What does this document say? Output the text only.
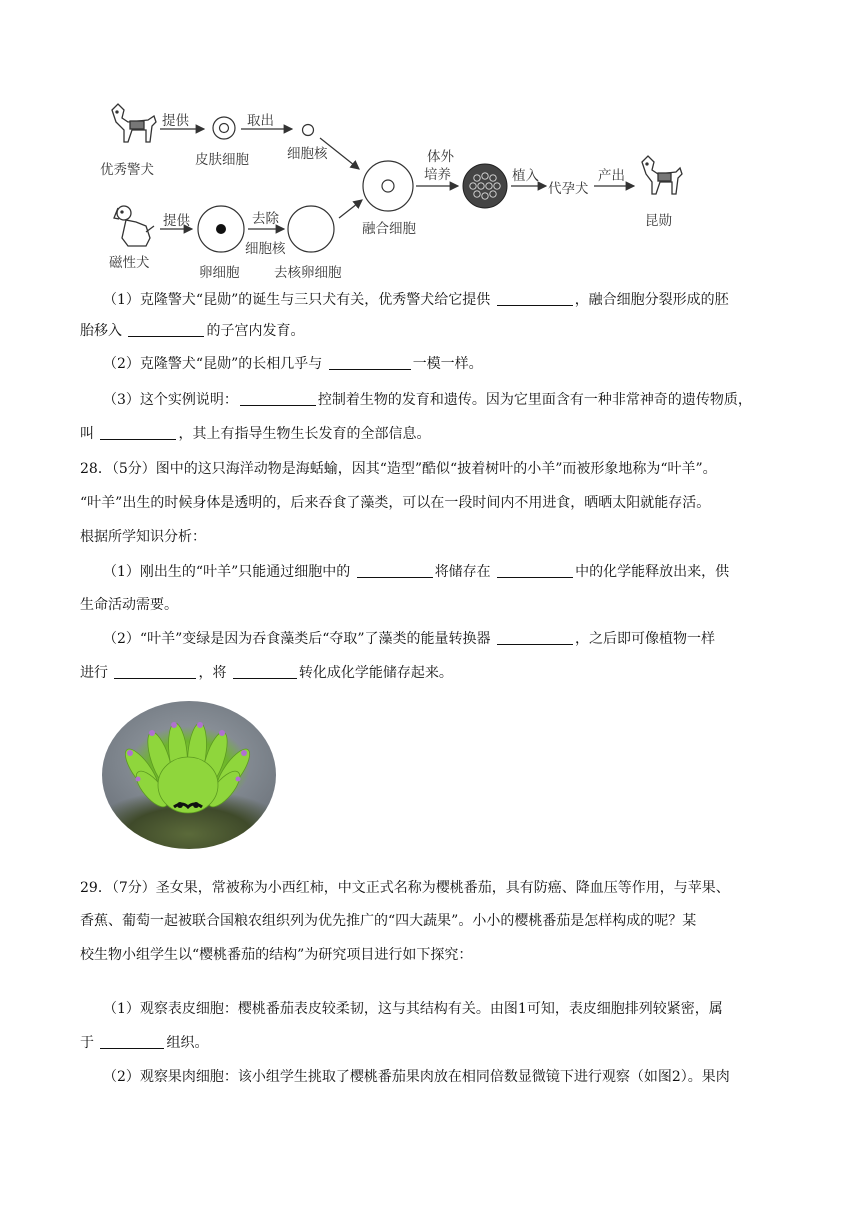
优秀警犬
提供
皮肤细胞
取出
细胞核	体外
培养	植入
代孕犬
产出
昆勋
融合细胞
磁性犬
提供
卵细胞
去除
细胞核
去核卵细胞
（1）克隆警犬“昆勋”的诞生与三只犬有关，优秀警犬给它提供	，融合细胞分裂形成的胚
胎移入	的子宫内发育。
（2）克隆警犬“昆勋”的长相几乎与	一模一样。
（3）这个实例说明：	控制着生物的发育和遗传。因为它里面含有一种非常神奇的遗传物质，
叫	，其上有指导生物生长发育的全部信息。
28．（5分）图中的这只海洋动物是海蛞蝓，因其“造型”酷似“披着树叶的小羊”而被形象地称为“叶羊”。
“叶羊”出生的时候身体是透明的，后来吞食了藻类，可以在一段时间内不用进食，晒晒太阳就能存活。
根据所学知识分析：
（1）刚出生的“叶羊”只能通过细胞中的	将储存在	中的化学能释放出来，供
生命活动需要。
（2）“叶羊”变绿是因为吞食藻类后“夺取”了藻类的能量转换器	，之后即可像植物一样
进行	，将	转化成化学能储存起来。
29．（7分）圣女果，常被称为小西红柿，中文正式名称为樱桃番茄，具有防癌、降血压等作用，与苹果、
香蕉、葡萄一起被联合国粮农组织列为优先推广的“四大蔬果”。小小的樱桃番茄是怎样构成的呢？某
校生物小组学生以“樱桃番茄的结构”为研究项目进行如下探究：
（1）观察表皮细胞：樱桃番茄表皮较柔韧，这与其结构有关。由图1可知，表皮细胞排列较紧密，属
于	组织。
（2）观察果肉细胞：该小组学生挑取了樱桃番茄果肉放在相同倍数显微镜下进行观察（如图2）。果肉
